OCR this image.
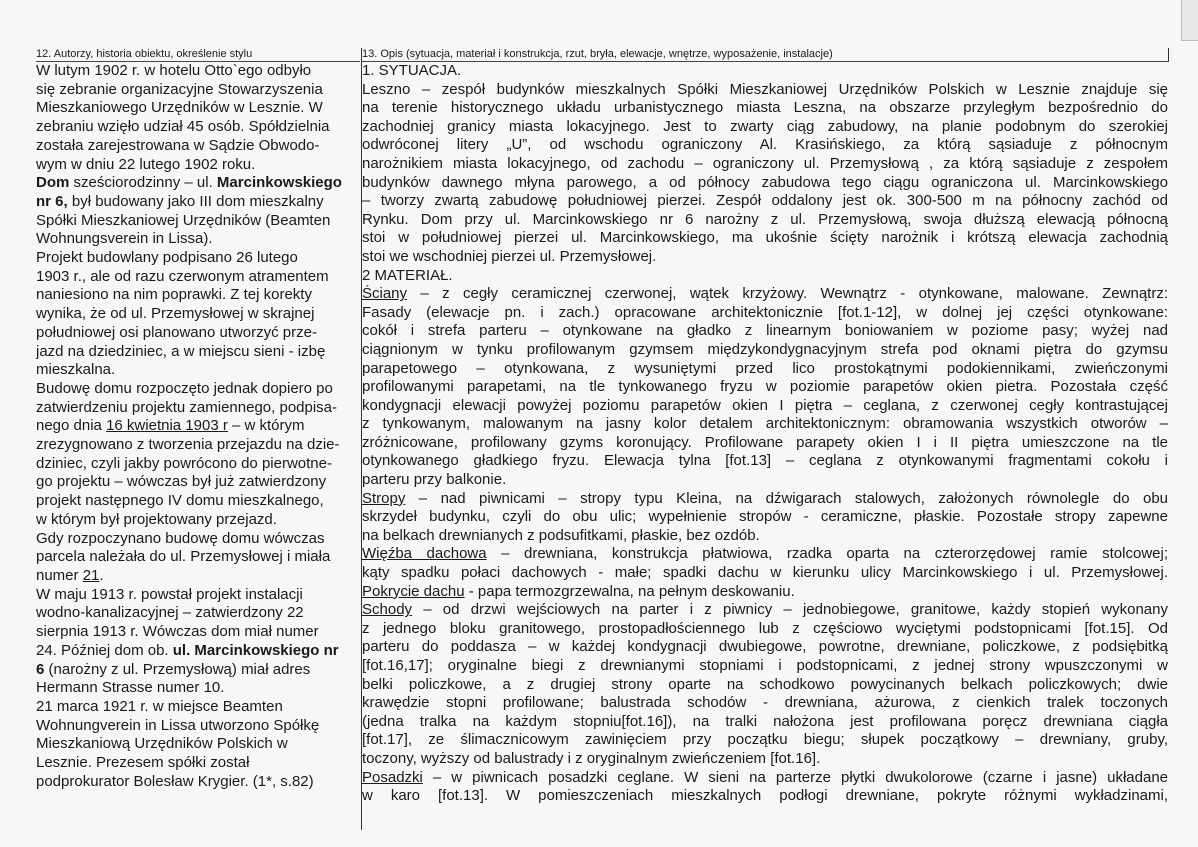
12. Autorzy, historia obiektu, określenie stylu
W lutym 1902 r. w hotelu Otto`ego odbyło
się zebranie organizacyjne Stowarzyszenia
Mieszkaniowego Urzędników w Lesznie. W
zebraniu wzięło udział 45 osób. Spółdzielnia
została zarejestrowana w Sądzie Obwodo-
wym w dniu 22 lutego 1902 roku.
Dom sześciorodzinny – ul. Marcinkowskiego
nr 6, był budowany jako III dom mieszkalny
Spółki Mieszkaniowej Urzędników (Beamten
Wohnungsverein in Lissa).
Projekt budowlany podpisano 26 lutego
1903 r., ale od razu czerwonym atramentem
naniesiono na nim poprawki. Z tej korekty
wynika, że od ul. Przemysłowej w skrajnej
południowej osi planowano utworzyć prze-
jazd na dziedziniec, a w miejscu sieni - izbę
mieszkalna.
Budowę domu rozpoczęto jednak dopiero po
zatwierdzeniu projektu zamiennego, podpisa-
nego dnia 16 kwietnia 1903 r – w którym
zrezygnowano z tworzenia przejazdu na dzie-
dziniec, czyli jakby powrócono do pierwotne-
go projektu – wówczas był już zatwierdzony
projekt następnego IV domu mieszkalnego,
w którym był projektowany przejazd.
Gdy rozpoczynano budowę domu wówczas
parcela należała do ul. Przemysłowej i miała
numer 21.
W maju 1913 r. powstał projekt instalacji
wodno-kanalizacyjnej – zatwierdzony 22
sierpnia 1913 r. Wówczas dom miał numer
24. Później dom ob. ul. Marcinkowskiego nr
6 (narożny z ul. Przemysłową) miał adres
Hermann Strasse numer 10.
21 marca 1921 r. w miejsce Beamten
Wohnungverein in Lissa utworzono Spółkę
Mieszkaniową Urzędników Polskich w
Lesznie. Prezesem spółki został
podprokurator Bolesław Krygier. (1*, s.82)
13. Opis (sytuacja, materiał i konstrukcja, rzut, bryła, elewacje, wnętrze, wyposażenie, instalacje)
1. SYTUACJA.
Leszno – zespół budynków mieszkalnych Spółki Mieszkaniowej Urzędników Polskich w Lesznie znajduje się
na terenie historycznego układu urbanistycznego miasta Leszna, na obszarze przyległym bezpośrednio do
zachodniej granicy miasta lokacyjnego. Jest to zwarty ciąg zabudowy, na planie podobnym do szerokiej
odwróconej litery „U”, od wschodu ograniczony Al. Krasińskiego, za którą sąsiaduje z północnym
narożnikiem miasta lokacyjnego, od zachodu – ograniczony ul. Przemysłową , za którą sąsiaduje z zespołem
budynków dawnego młyna parowego, a od północy zabudowa tego ciągu ograniczona ul. Marcinkowskiego
– tworzy zwartą zabudowę południowej pierzei. Zespół oddalony jest ok. 300-500 m na północny zachód od
Rynku. Dom przy ul. Marcinkowskiego nr 6 narożny z ul. Przemysłową, swoja dłuższą elewacją północną
stoi w południowej pierzei ul. Marcinkowskiego, ma ukośnie ścięty narożnik i krótszą elewacja zachodnią
stoi we wschodniej pierzei ul. Przemysłowej.
2 MATERIAŁ.
Ściany – z cegły ceramicznej czerwonej, wątek krzyżowy. Wewnątrz - otynkowane, malowane. Zewnątrz:
Fasady (elewacje pn. i zach.) opracowane architektonicznie [fot.1-12], w dolnej jej części otynkowane:
cokół i strefa parteru – otynkowane na gładko z linearnym boniowaniem w poziome pasy; wyżej nad
ciągnionym w tynku profilowanym gzymsem międzykondygnacyjnym strefa pod oknami piętra do gzymsu
parapetowego – otynkowana, z wysuniętymi przed lico prostokątnymi podokiennikami, zwieńczonymi
profilowanymi parapetami, na tle tynkowanego fryzu w poziomie parapetów okien pietra. Pozostała część
kondygnacji elewacji powyżej poziomu parapetów okien I piętra – ceglana, z czerwonej cegły kontrastującej
z tynkowanym, malowanym na jasny kolor detalem architektonicznym: obramowania wszystkich otworów –
zróżnicowane, profilowany gzyms koronujący. Profilowane parapety okien I i II piętra umieszczone na tle
otynkowanego gładkiego fryzu. Elewacja tylna [fot.13] – ceglana z otynkowanymi fragmentami cokołu i
parteru przy balkonie.
Stropy – nad piwnicami – stropy typu Kleina, na dźwigarach stalowych, założonych równolegle do obu
skrzydeł budynku, czyli do obu ulic; wypełnienie stropów - ceramiczne, płaskie. Pozostałe stropy zapewne
na belkach drewnianych z podsufitkami, płaskie, bez ozdób.
Więźba dachowa – drewniana, konstrukcja płatwiowa, rzadka oparta na czterorzędowej ramie stolcowej;
kąty spadku połaci dachowych - małe; spadki dachu w kierunku ulicy Marcinkowskiego i ul. Przemysłowej.
Pokrycie dachu - papa termozgrzewalna, na pełnym deskowaniu.
Schody – od drzwi wejściowych na parter i z piwnicy – jednobiegowe, granitowe, każdy stopień wykonany
z jednego bloku granitowego, prostopadłościennego lub z częściowo wyciętymi podstopnicami [fot.15]. Od
parteru do poddasza – w każdej kondygnacji dwubiegowe, powrotne, drewniane, policzkowe, z podsiębitką
[fot.16,17]; oryginalne biegi z drewnianymi stopniami i podstopnicami, z jednej strony wpuszczonymi w
belki policzkowe, a z drugiej strony oparte na schodkowo powycinanych belkach policzkowych; dwie
krawędzie stopni profilowane; balustrada schodów - drewniana, ażurowa, z cienkich tralek toczonych
(jedna tralka na każdym stopniu[fot.16]), na tralki nałożona jest profilowana poręcz drewniana ciągła
[fot.17], ze ślimacznicowym zawinięciem przy początku biegu; słupek początkowy – drewniany, gruby,
toczony, wyższy od balustrady i z oryginalnym zwieńczeniem [fot.16].
Posadzki – w piwnicach posadzki ceglane. W sieni na parterze płytki dwukolorowe (czarne i jasne) układane
w karo [fot.13]. W pomieszczeniach mieszkalnych podłogi drewniane, pokryte różnymi wykładzinami,
